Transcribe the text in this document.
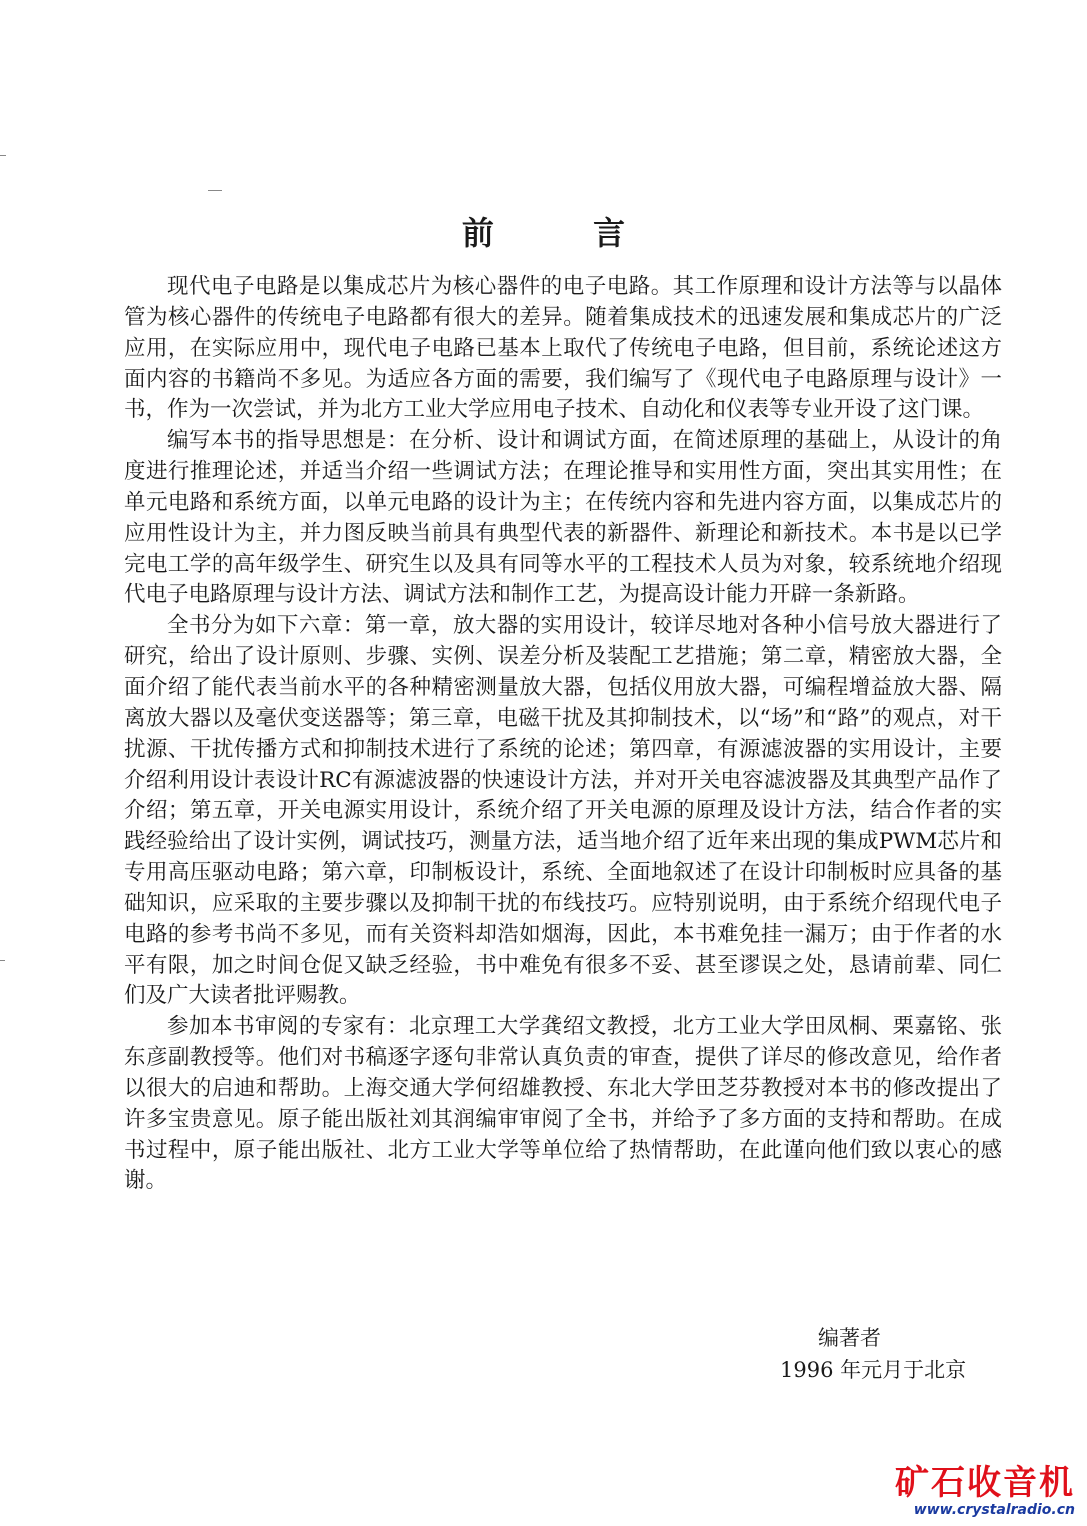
前 言

现代电子电路是以集成芯片为核心器件的电子电路。其工作原理和设计方法等与以晶体管为核心器件的传统电子电路都有很大的差异。随着集成技术的迅速发展和集成芯片的广泛应用，在实际应用中，现代电子电路已基本上取代了传统电子电路，但目前，系统论述这方面内容的书籍尚不多见。为适应各方面的需要，我们编写了《现代电子电路原理与设计》一书，作为一次尝试，并为北方工业大学应用电子技术、自动化和仪表等专业开设了这门课。

编写本书的指导思想是：在分析、设计和调试方面，在简述原理的基础上，从设计的角度进行推理论述，并适当介绍一些调试方法；在理论推导和实用性方面，突出其实用性；在单元电路和系统方面，以单元电路的设计为主；在传统内容和先进内容方面，以集成芯片的应用性设计为主，并力图反映当前具有典型代表的新器件、新理论和新技术。本书是以已学完电工学的高年级学生、研究生以及具有同等水平的工程技术人员为对象，较系统地介绍现代电子电路原理与设计方法、调试方法和制作工艺，为提高设计能力开辟一条新路。

全书分为如下六章：第一章，放大器的实用设计，较详尽地对各种小信号放大器进行了研究，给出了设计原则、步骤、实例、误差分析及装配工艺措施；第二章，精密放大器，全面介绍了能代表当前水平的各种精密测量放大器，包括仪用放大器，可编程增益放大器、隔离放大器以及毫伏变送器等；第三章，电磁干扰及其抑制技术，以“场”和“路”的观点，对干扰源、干扰传播方式和抑制技术进行了系统的论述；第四章，有源滤波器的实用设计，主要介绍利用设计表设计RC有源滤波器的快速设计方法，并对开关电容滤波器及其典型产品作了介绍；第五章，开关电源实用设计，系统介绍了开关电源的原理及设计方法，结合作者的实践经验给出了设计实例，调试技巧，测量方法，适当地介绍了近年来出现的集成PWM芯片和专用高压驱动电路；第六章，印制板设计，系统、全面地叙述了在设计印制板时应具备的基础知识，应采取的主要步骤以及抑制干扰的布线技巧。应特别说明，由于系统介绍现代电子电路的参考书尚不多见，而有关资料却浩如烟海，因此，本书难免挂一漏万；由于作者的水平有限，加之时间仓促又缺乏经验，书中难免有很多不妥、甚至谬误之处，恳请前辈、同仁们及广大读者批评赐教。

参加本书审阅的专家有：北京理工大学龚绍文教授，北方工业大学田凤桐、栗嘉铭、张东彦副教授等。他们对书稿逐字逐句非常认真负责的审查，提供了详尽的修改意见，给作者以很大的启迪和帮助。上海交通大学何绍雄教授、东北大学田芝芬教授对本书的修改提出了许多宝贵意见。原子能出版社刘其润编审审阅了全书，并给予了多方面的支持和帮助。在成书过程中，原子能出版社、北方工业大学等单位给了热情帮助，在此谨向他们致以衷心的感谢。

编著者
1996 年元月于北京
矿石收音机
www.crystalradio.cn
